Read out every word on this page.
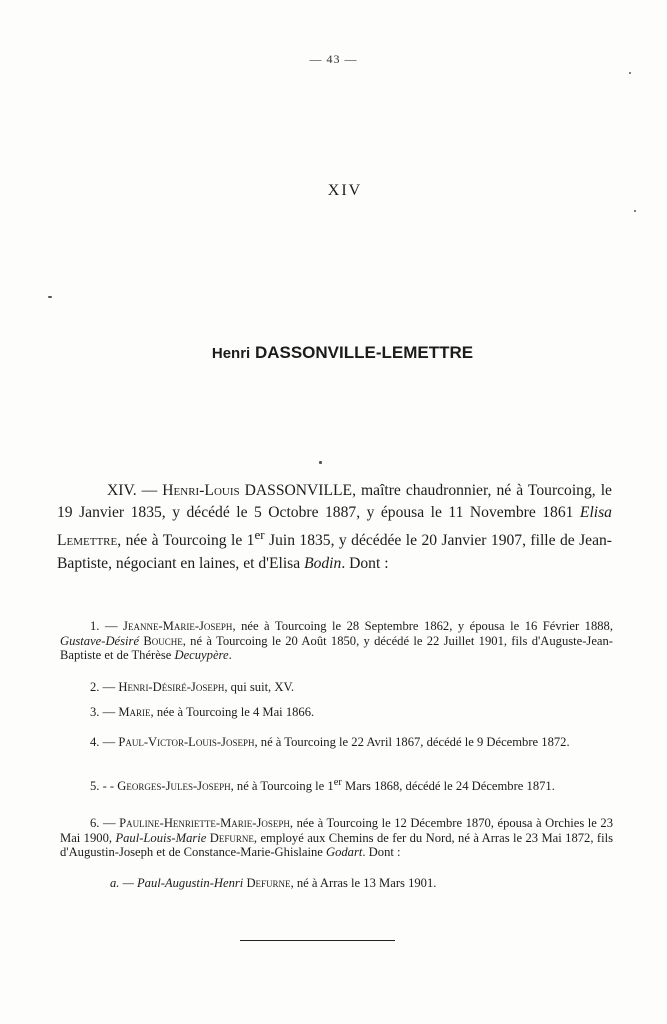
— 43 —
XIV
Henri DASSONVILLE-LEMETTRE

XIV. — Henri-Louis DASSONVILLE, maître chaudronnier, né à Tourcoing, le 19 Janvier 1835, y décédé le 5 Octobre 1887, y épousa le 11 Novembre 1861 Elisa Lemettre, née à Tourcoing le 1er Juin 1835, y décédée le 20 Janvier 1907, fille de Jean-Baptiste, négociant en laines, et d'Elisa Bodin. Dont :

1. — Jeanne-Marie-Joseph, née à Tourcoing le 28 Septembre 1862, y épousa le 16 Février 1888, Gustave-Désiré Bouche, né à Tourcoing le 20 Août 1850, y décédé le 22 Juillet 1901, fils d'Auguste-Jean-Baptiste et de Thérèse Decuypère.

2. — Henri-Désiré-Joseph, qui suit, XV.

3. — Marie, née à Tourcoing le 4 Mai 1866.

4. — Paul-Victor-Louis-Joseph, né à Tourcoing le 22 Avril 1867, décédé le 9 Décembre 1872.

5. - - Georges-Jules-Joseph, né à Tourcoing le 1er Mars 1868, décédé le 24 Décembre 1871.

6. — Pauline-Henriette-Marie-Joseph, née à Tourcoing le 12 Décembre 1870, épousa à Orchies le 23 Mai 1900, Paul-Louis-Marie Defurne, employé aux Chemins de fer du Nord, né à Arras le 23 Mai 1872, fils d'Augustin-Joseph et de Constance-Marie-Ghislaine Godart. Dont :

a. — Paul-Augustin-Henri Defurne, né à Arras le 13 Mars 1901.
